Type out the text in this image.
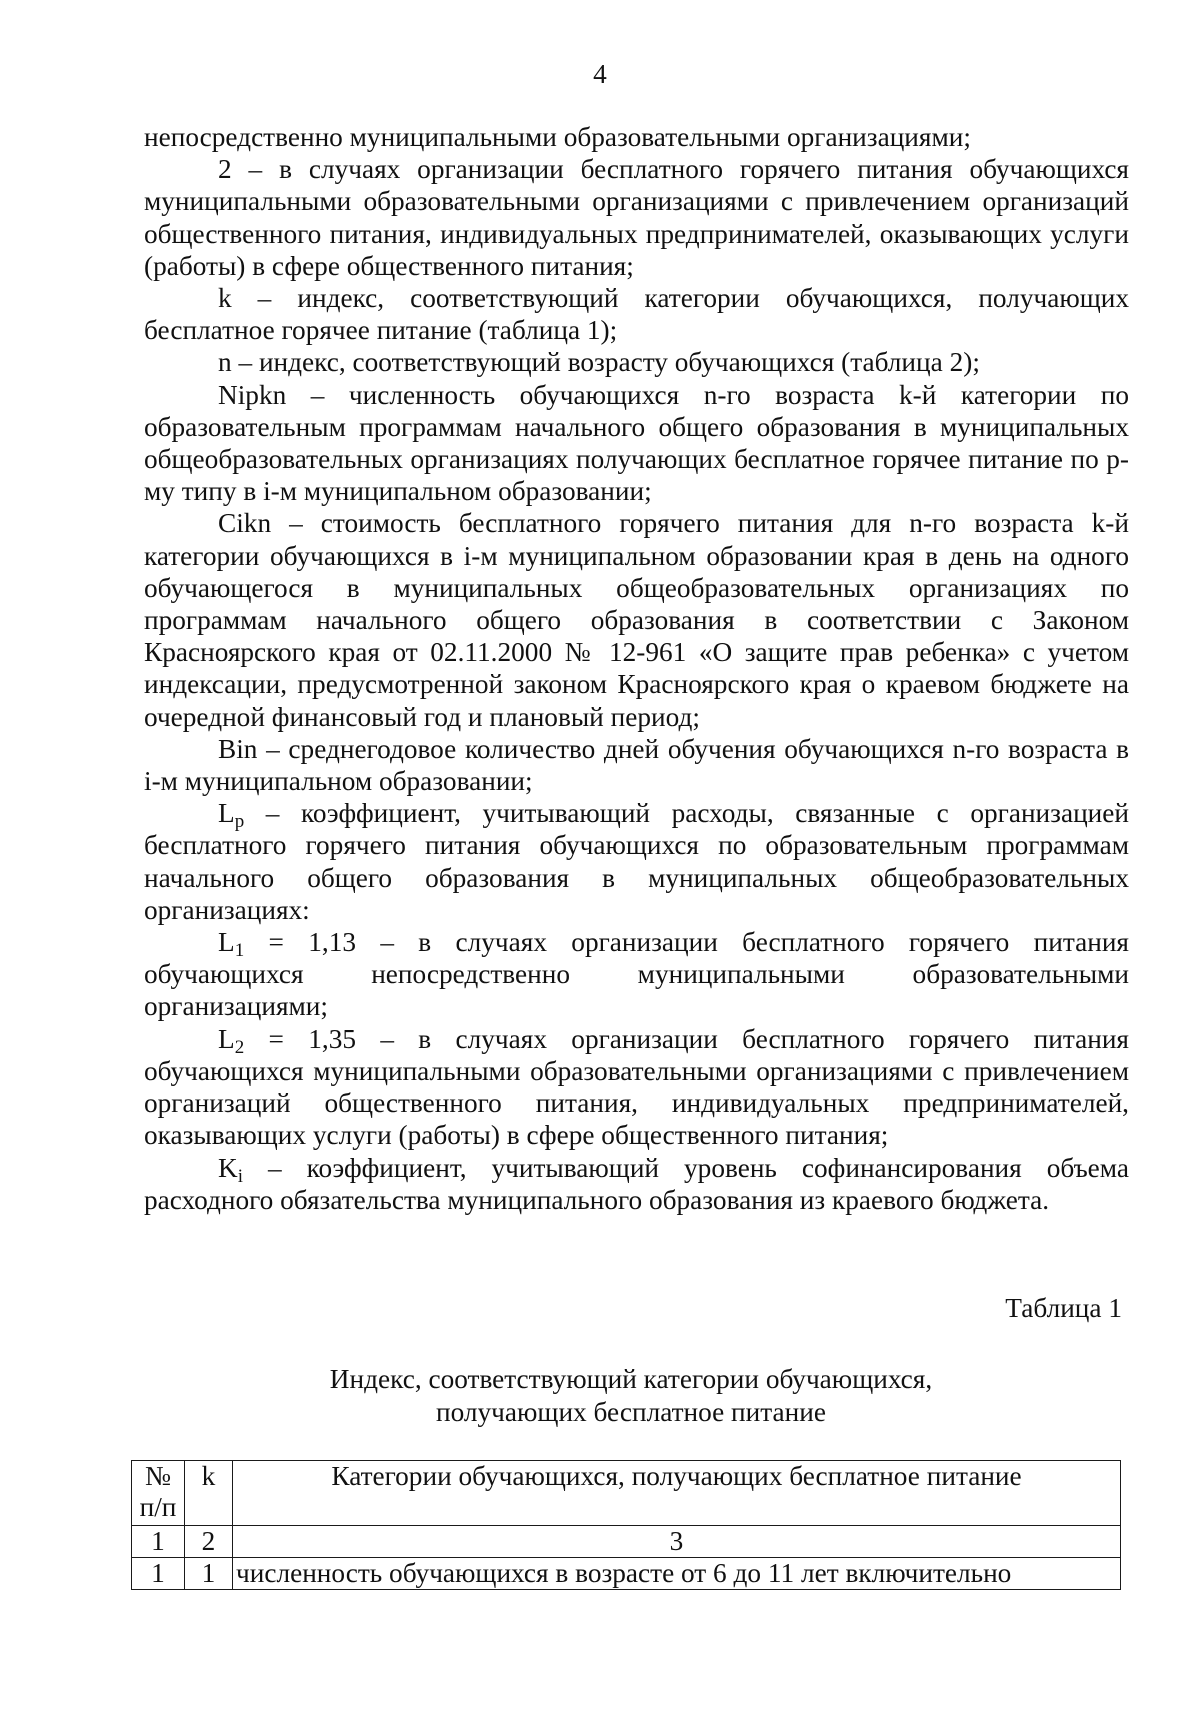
4

непосредственно муниципальными образовательными организациями;

2 – в случаях организации бесплатного горячего питания обучающихся муниципальными образовательными организациями с привлечением организаций общественного питания, индивидуальных предпринимателей, оказывающих услуги (работы) в сфере общественного питания;

k – индекс, соответствующий категории обучающихся, получающих бесплатное горячее питание (таблица 1);

n – индекс, соответствующий возрасту обучающихся (таблица 2);

Nipkn – численность обучающихся n-го возраста k-й категории по образовательным программам начального общего образования в муниципальных общеобразовательных организациях получающих бесплатное горячее питание по p-му типу в i-м муниципальном образовании;

Cikn – стоимость бесплатного горячего питания для n-го возраста k-й категории обучающихся в i-м муниципальном образовании края в день на одного обучающегося в муниципальных общеобразовательных организациях по программам начального общего образования в соответствии с Законом Красноярского края от 02.11.2000 № 12-961 «О защите прав ребенка» с учетом индексации, предусмотренной законом Красноярского края о краевом бюджете на очередной финансовый год и плановый период;

Bin – среднегодовое количество дней обучения обучающихся n-го возраста в i-м муниципальном образовании;

$L_p$ – коэффициент, учитывающий расходы, связанные с организацией бесплатного горячего питания обучающихся по образовательным программам начального общего образования в муниципальных общеобразовательных организациях:

$L_1 = 1,13 - в$ случаях организации бесплатного горячего питания обучающихся непосредственно муниципальными образовательными организациями;

$L_2 = 1,35 - в$ случаях организации бесплатного горячего питания обучающихся муниципальными образовательными организациями с привлечением организаций общественного питания, индивидуальных предпринимателей, оказывающих услуги (работы) в сфере общественного питания;

$K_i$ – коэффициент, учитывающий уровень софинансирования объема расходного обязательства муниципального образования из краевого бюджета.

Таблица 1
Индекс, соответствующий категории обучающихся,
получающих бесплатное питание
№ п/п	k	Категории обучающихся, получающих бесплатное питание
1	2	3
1	1	численность обучающихся в возрасте от 6 до 11 лет включительно
